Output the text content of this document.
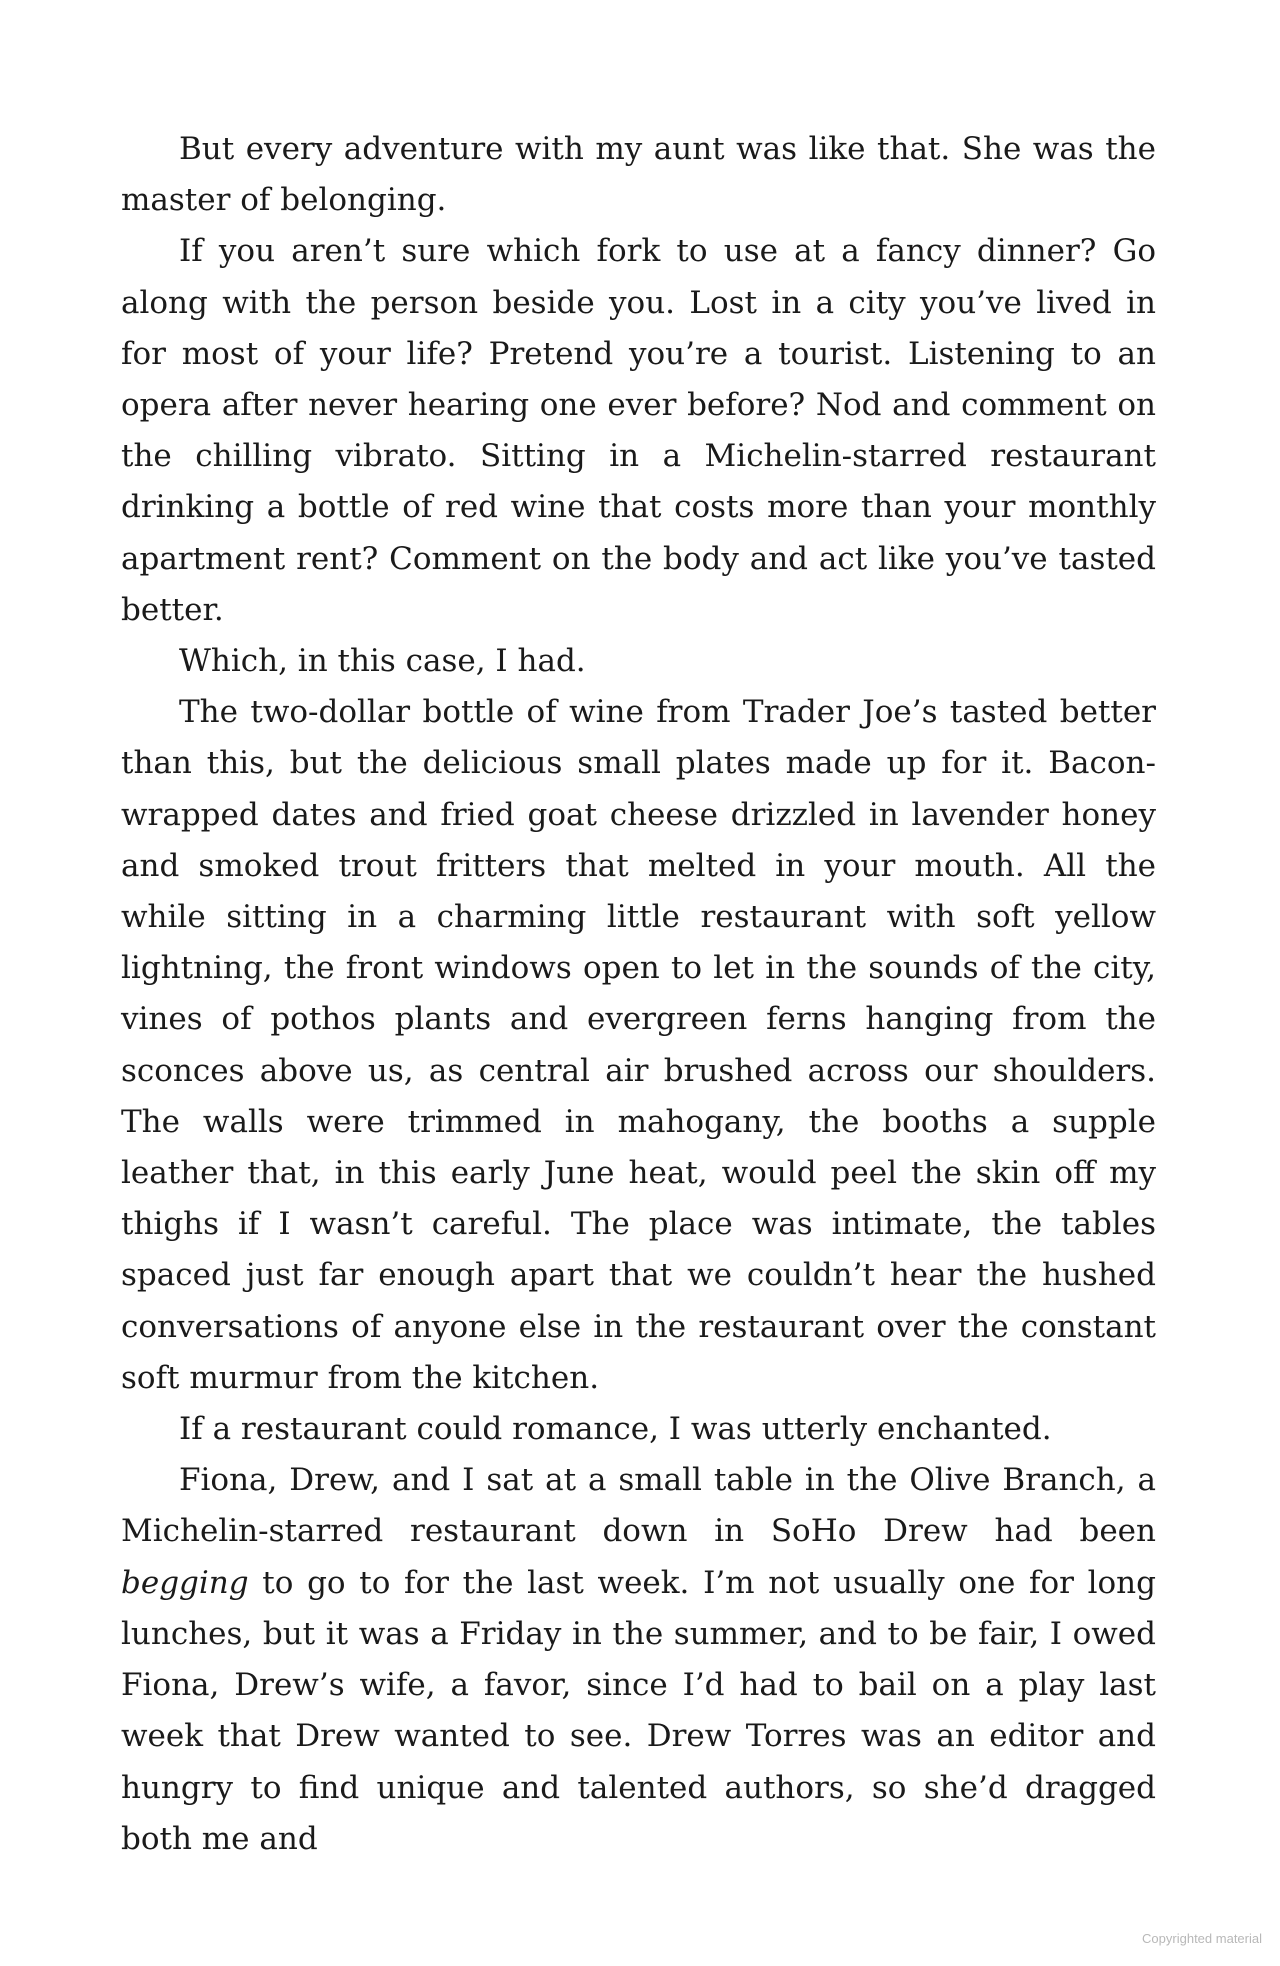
But every adventure with my aunt was like that. She was the master of belonging.

If you aren’t sure which fork to use at a fancy dinner? Go along with the person beside you. Lost in a city you’ve lived in for most of your life? Pretend you’re a tourist. Listening to an opera after never hearing one ever before? Nod and comment on the chilling vibrato. Sitting in a Michelin-starred restaurant drinking a bottle of red wine that costs more than your monthly apartment rent? Comment on the body and act like you’ve tasted better.

Which, in this case, I had.

The two-dollar bottle of wine from Trader Joe’s tasted better than this, but the delicious small plates made up for it. Bacon-wrapped dates and fried goat cheese drizzled in lavender honey and smoked trout fritters that melted in your mouth. All the while sitting in a charming little restaurant with soft yellow lightning, the front windows open to let in the sounds of the city, vines of pothos plants and evergreen ferns hanging from the sconces above us, as central air brushed across our shoulders. The walls were trimmed in mahogany, the booths a supple leather that, in this early June heat, would peel the skin off my thighs if I wasn’t careful. The place was intimate, the tables spaced just far enough apart that we couldn’t hear the hushed conversations of anyone else in the restaurant over the constant soft murmur from the kitchen.

If a restaurant could romance, I was utterly enchanted.

Fiona, Drew, and I sat at a small table in the Olive Branch, a Michelin-starred restaurant down in SoHo Drew had been begging to go to for the last week. I’m not usually one for long lunches, but it was a Friday in the summer, and to be fair, I owed Fiona, Drew’s wife, a favor, since I’d had to bail on a play last week that Drew wanted to see. Drew Torres was an editor and hungry to find unique and talented authors, so she’d dragged both me and

Copyrighted material
